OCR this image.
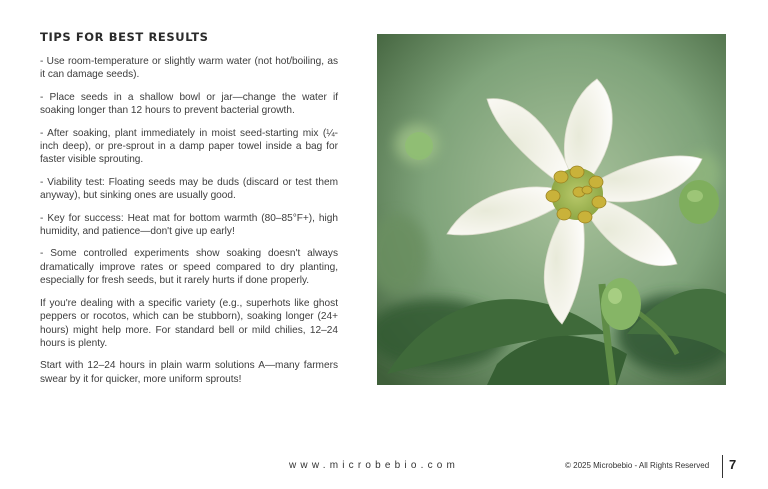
TIPS FOR BEST RESULTS

- Use room-temperature or slightly warm water (not hot/boiling, as it can damage seeds).

- Place seeds in a shallow bowl or jar—change the water if soaking longer than 12 hours to prevent bacterial growth.

- After soaking, plant immediately in moist seed-starting mix (¼-inch deep), or pre-sprout in a damp paper towel inside a bag for faster visible sprouting.

- Viability test: Floating seeds may be duds (discard or test them anyway), but sinking ones are usually good.

- Key for success: Heat mat for bottom warmth (80–85°F+), high humidity, and patience—don't give up early!

- Some controlled experiments show soaking doesn't always dramatically improve rates or speed compared to dry planting, especially for fresh seeds, but it rarely hurts if done properly.

If you're dealing with a specific variety (e.g., superhots like ghost peppers or rocotos, which can be stubborn), soaking longer (24+ hours) might help more. For standard bell or mild chilies, 12–24 hours is plenty.

Start with 12–24 hours in plain warm solutions A—many farmers swear by it for quicker, more uniform sprouts!

www.microbebio.com	© 2025 Microbebio - All Rights Reserved 7
